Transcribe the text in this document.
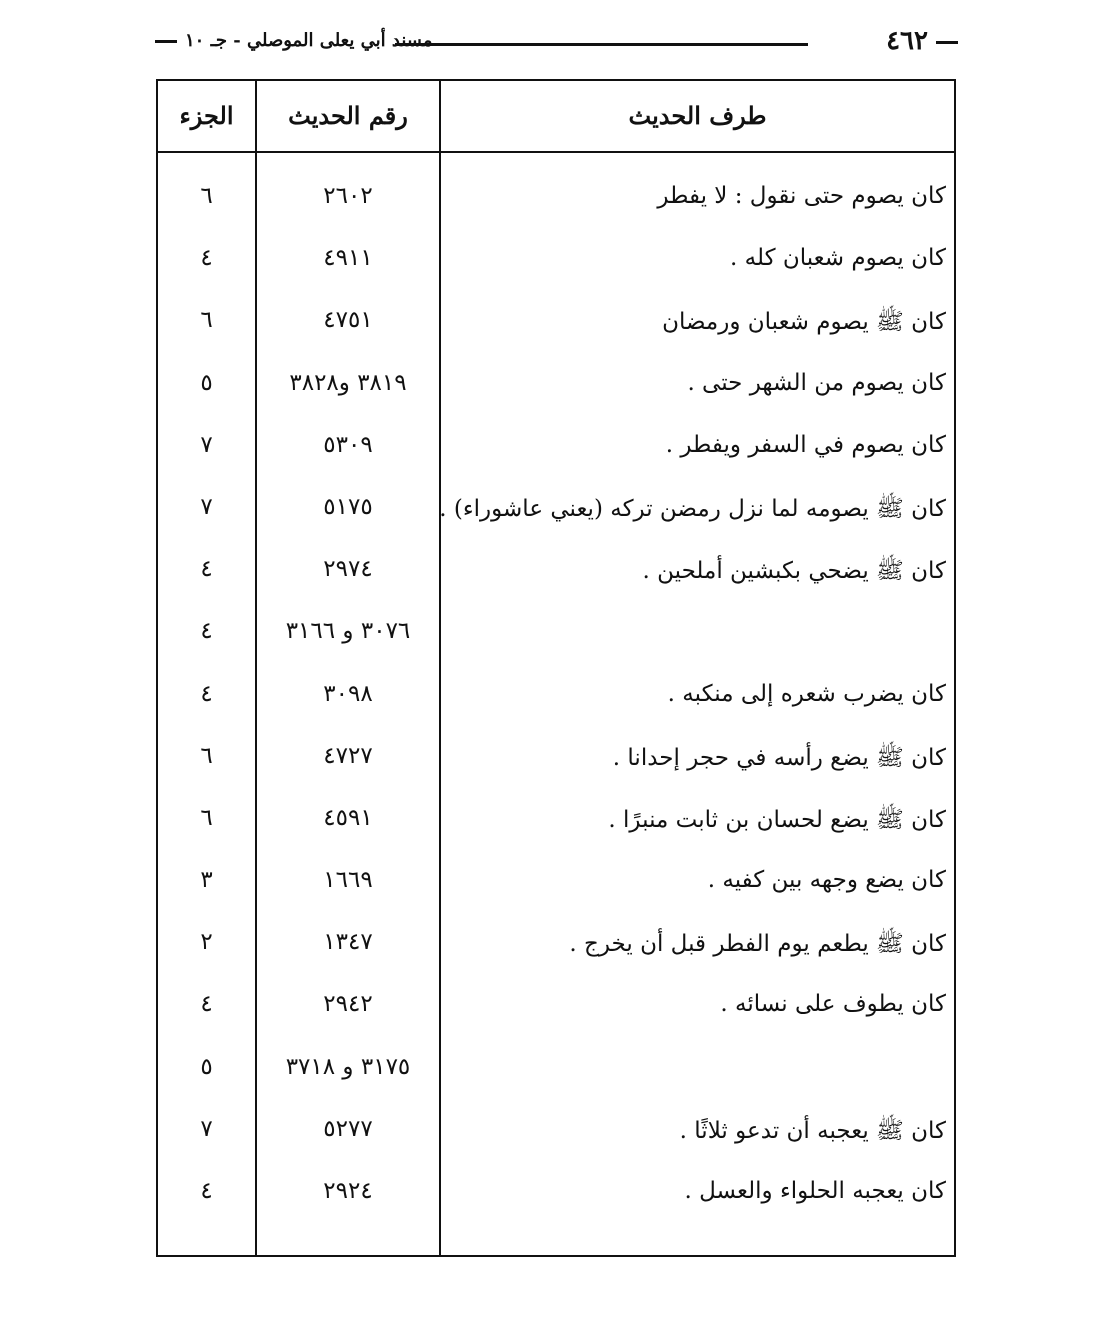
٤٦٢
مسند أبي يعلى الموصلي - جـ ١٠
طرف الحديث
رقم الحديث
الجزء
كان يصوم حتى نقول : لا يفطر
٢٦٠٢
٦
كان يصوم شعبان كله .
٤٩١١
٤
كان ﷺ يصوم شعبان ورمضان
٤٧٥١
٦
كان يصوم من الشهر حتى .
٣٨١٩ و٣٨٢٨
٥
كان يصوم في السفر ويفطر .
٥٣٠٩
٧
كان ﷺ يصومه لما نزل رمضن تركه (يعني عاشوراء) .
٥١٧٥
٧
كان ﷺ يضحي بكبشين أملحين .
٢٩٧٤
٤
٣٠٧٦ و ٣١٦٦
٤
كان يضرب شعره إلى منكبه .
٣٠٩٨
٤
كان ﷺ يضع رأسه في حجر إحدانا .
٤٧٢٧
٦
كان ﷺ يضع لحسان بن ثابت منبرًا .
٤٥٩١
٦
كان يضع وجهه بين كفيه .
١٦٦٩
٣
كان ﷺ يطعم يوم الفطر قبل أن يخرج .
١٣٤٧
٢
كان يطوف على نسائه .
٢٩٤٢
٤
٣١٧٥ و ٣٧١٨
٥
كان ﷺ يعجبه أن تدعو ثلاثًا .
٥٢٧٧
٧
كان يعجبه الحلواء والعسل .
٢٩٢٤
٤
